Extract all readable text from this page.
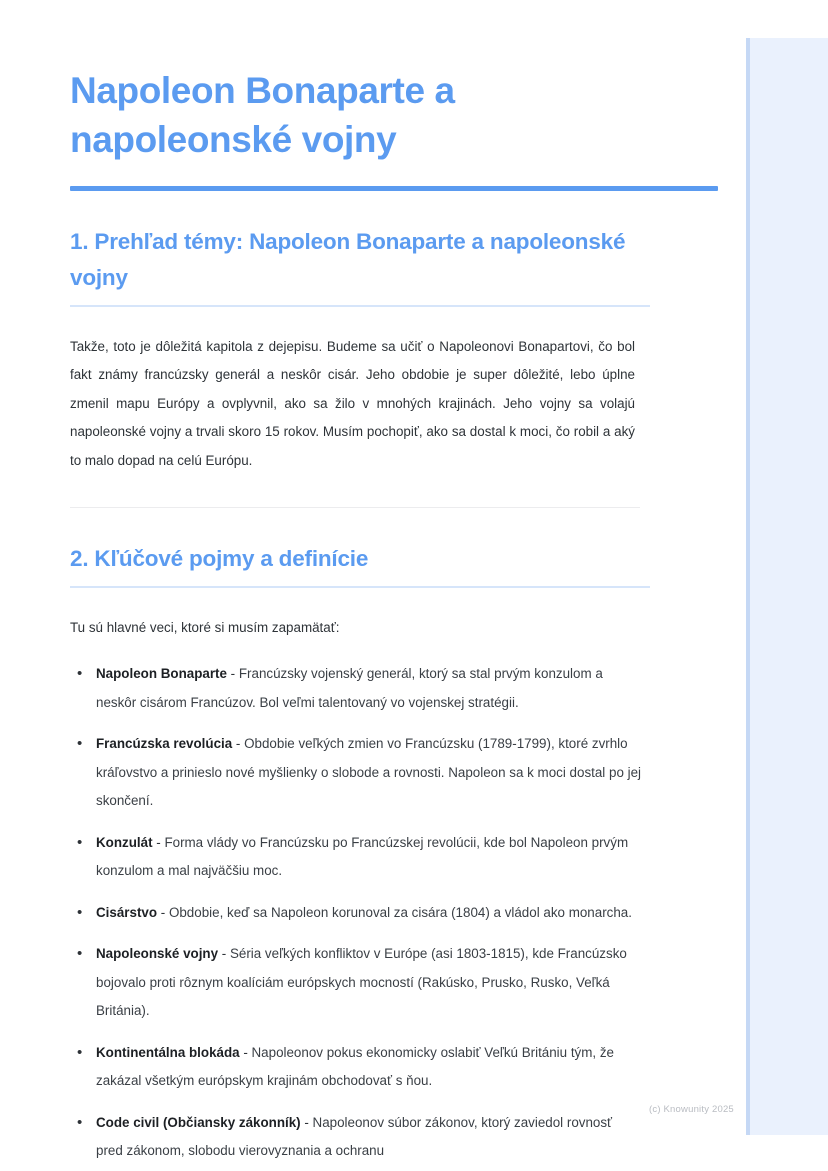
Napoleon Bonaparte a napoleonské vojny
1. Prehľad témy: Napoleon Bonaparte a napoleonské vojny

Takže, toto je dôležitá kapitola z dejepisu. Budeme sa učiť o Napoleonovi Bonapartovi, čo bol fakt známy francúzsky generál a neskôr cisár. Jeho obdobie je super dôležité, lebo úplne zmenil mapu Európy a ovplyvnil, ako sa žilo v mnohých krajinách. Jeho vojny sa volajú napoleonské vojny a trvali skoro 15 rokov. Musím pochopiť, ako sa dostal k moci, čo robil a aký to malo dopad na celú Európu.

2. Kľúčové pojmy a definície

Tu sú hlavné veci, ktoré si musím zapamätať:

• Napoleon Bonaparte - Francúzsky vojenský generál, ktorý sa stal prvým konzulom a neskôr cisárom Francúzov. Bol veľmi talentovaný vo vojenskej stratégii.
• Francúzska revolúcia - Obdobie veľkých zmien vo Francúzsku (1789-1799), ktoré zvrhlo kráľovstvo a prinieslo nové myšlienky o slobode a rovnosti. Napoleon sa k moci dostal po jej skončení.
• Konzulát - Forma vlády vo Francúzsku po Francúzskej revolúcii, kde bol Napoleon prvým konzulom a mal najväčšiu moc.
• Cisárstvo - Obdobie, keď sa Napoleon korunoval za cisára (1804) a vládol ako monarcha.
• Napoleonské vojny - Séria veľkých konfliktov v Európe (asi 1803-1815), kde Francúzsko bojovalo proti rôznym koalíciám európskych mocností (Rakúsko, Prusko, Rusko, Veľká Británia).
• Kontinentálna blokáda - Napoleonov pokus ekonomicky oslabiť Veľkú Britániu tým, že zakázal všetkým európskym krajinám obchodovať s ňou.
• Code civil (Občiansky zákonník) - Napoleonov súbor zákonov, ktorý zaviedol rovnosť pred zákonom, slobodu vierovyznania a ochranu
(c) Knowunity 2025
